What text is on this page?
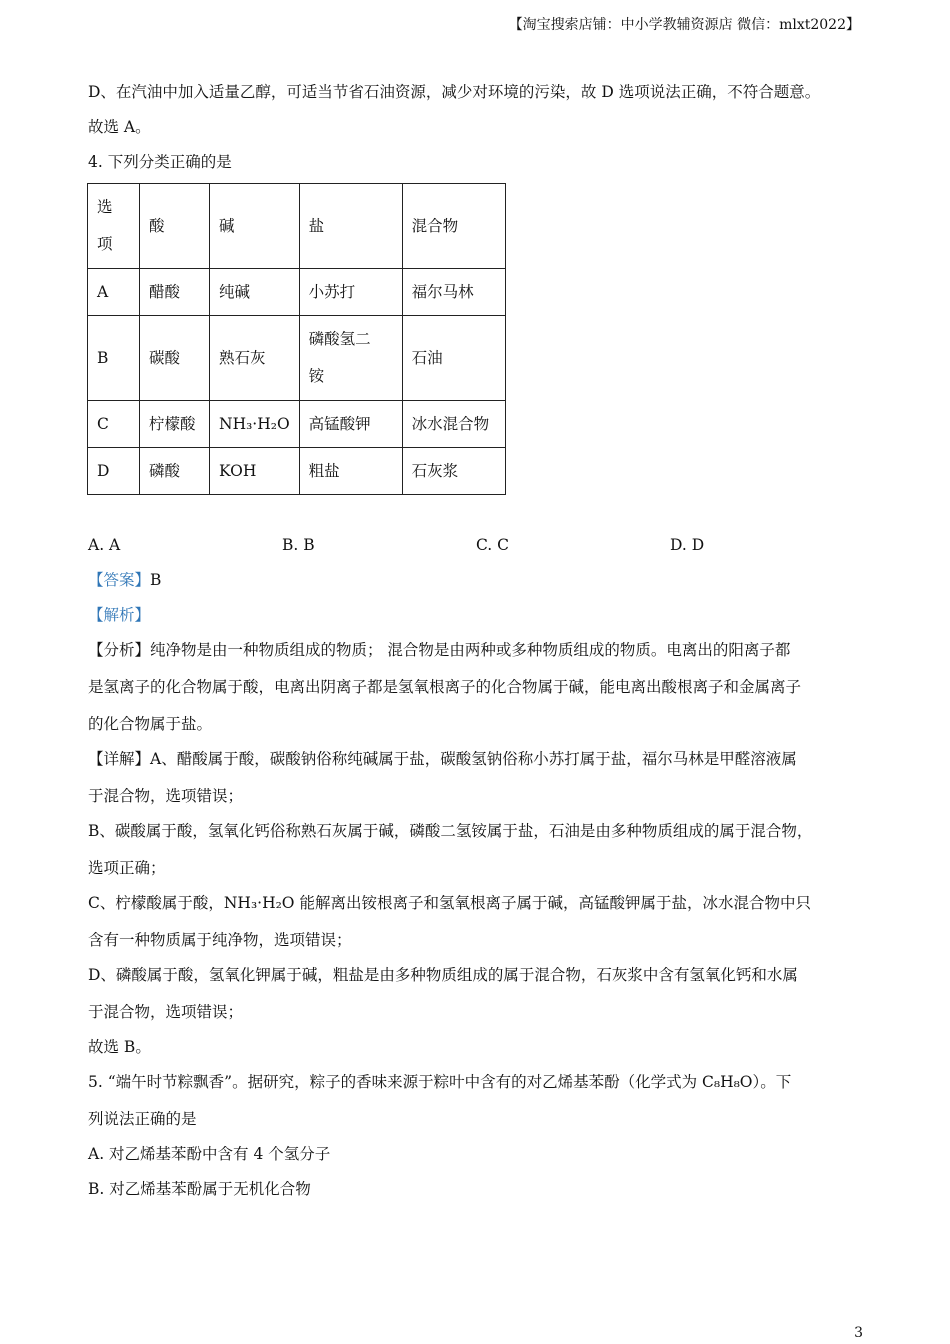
【淘宝搜索店铺：中小学教辅资源店 微信：mlxt2022】
D、在汽油中加入适量乙醇，可适当节省石油资源，减少对环境的污染，故 D 选项说法正确，不符合题意。
故选 A。
4. 下列分类正确的是
选项	酸	碱	盐	混合物
A	醋酸	纯碱	小苏打	福尔马林
B	碳酸	熟石灰	磷酸氢二铵	石油
C	柠檬酸	NH₃·H₂O	高锰酸钾	冰水混合物
D	磷酸	KOH	粗盐	石灰浆
A. A	B. B	C. C	D. D
【答案】B
【解析】
【分析】纯净物是由一种物质组成的物质； 混合物是由两种或多种物质组成的物质。电离出的阳离子都
是氢离子的化合物属于酸，电离出阴离子都是氢氧根离子的化合物属于碱，能电离出酸根离子和金属离子
的化合物属于盐。
【详解】A、醋酸属于酸，碳酸钠俗称纯碱属于盐，碳酸氢钠俗称小苏打属于盐，福尔马林是甲醛溶液属
于混合物，选项错误；
B、碳酸属于酸，氢氧化钙俗称熟石灰属于碱，磷酸二氢铵属于盐，石油是由多种物质组成的属于混合物，
选项正确；
C、柠檬酸属于酸，NH₃·H₂O 能解离出铵根离子和氢氧根离子属于碱，高锰酸钾属于盐，冰水混合物中只
含有一种物质属于纯净物，选项错误；
D、磷酸属于酸，氢氧化钾属于碱，粗盐是由多种物质组成的属于混合物，石灰浆中含有氢氧化钙和水属
于混合物，选项错误；
故选 B。
5. “端午时节粽飘香”。据研究，粽子的香味来源于粽叶中含有的对乙烯基苯酚（化学式为 C₈H₈O）。下
列说法正确的是
A. 对乙烯基苯酚中含有 4 个氢分子
B. 对乙烯基苯酚属于无机化合物
3
